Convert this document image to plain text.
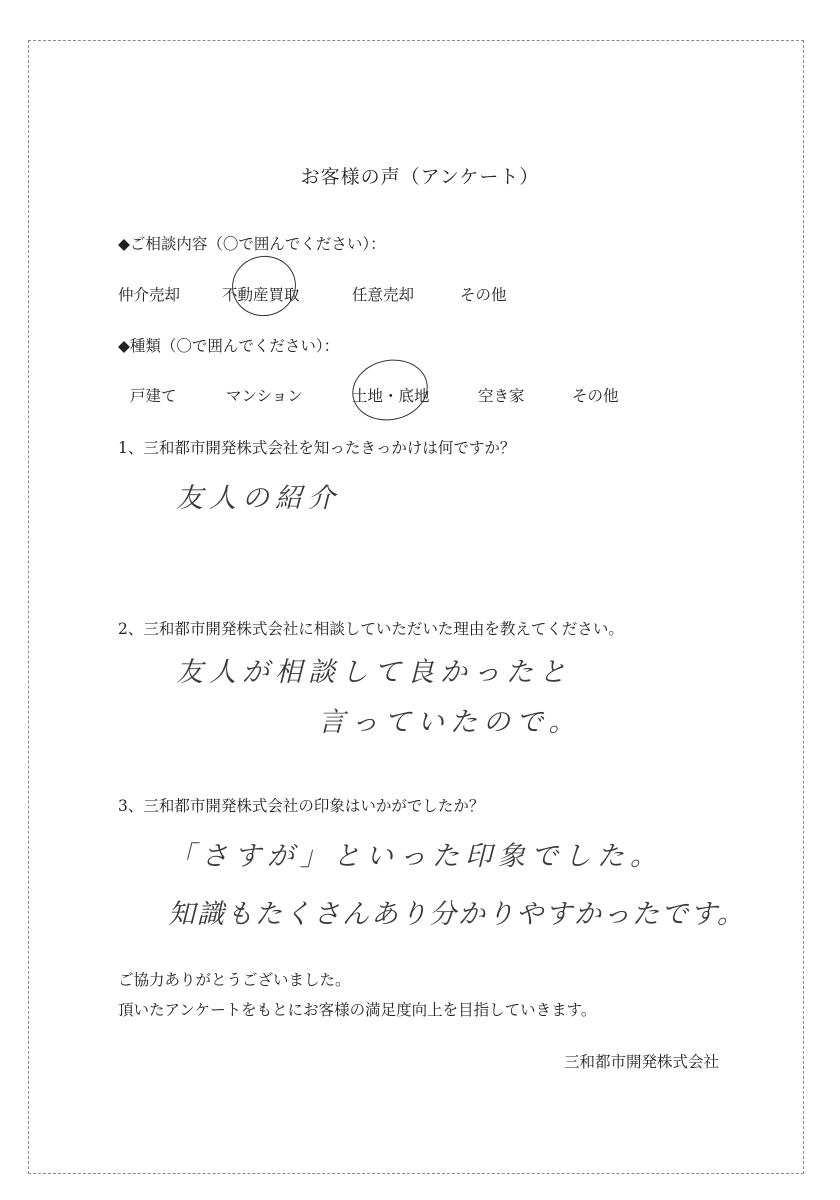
お客様の声（アンケート）
◆ご相談内容（〇で囲んでください）：
仲介売却	不動産買取	任意売却	その他
◆種類（〇で囲んでください）：
戸建て	マンション	土地・底地	空き家	その他
1、三和都市開発株式会社を知ったきっかけは何ですか？
友人の紹介
2、三和都市開発株式会社に相談していただいた理由を教えてください。
友人が相談して良かったと
言っていたので。
3、三和都市開発株式会社の印象はいかがでしたか？
「さすが」といった印象でした。
知識もたくさんあり分かりやすかったです。
ご協力ありがとうございました。
頂いたアンケートをもとにお客様の満足度向上を目指していきます。
三和都市開発株式会社
